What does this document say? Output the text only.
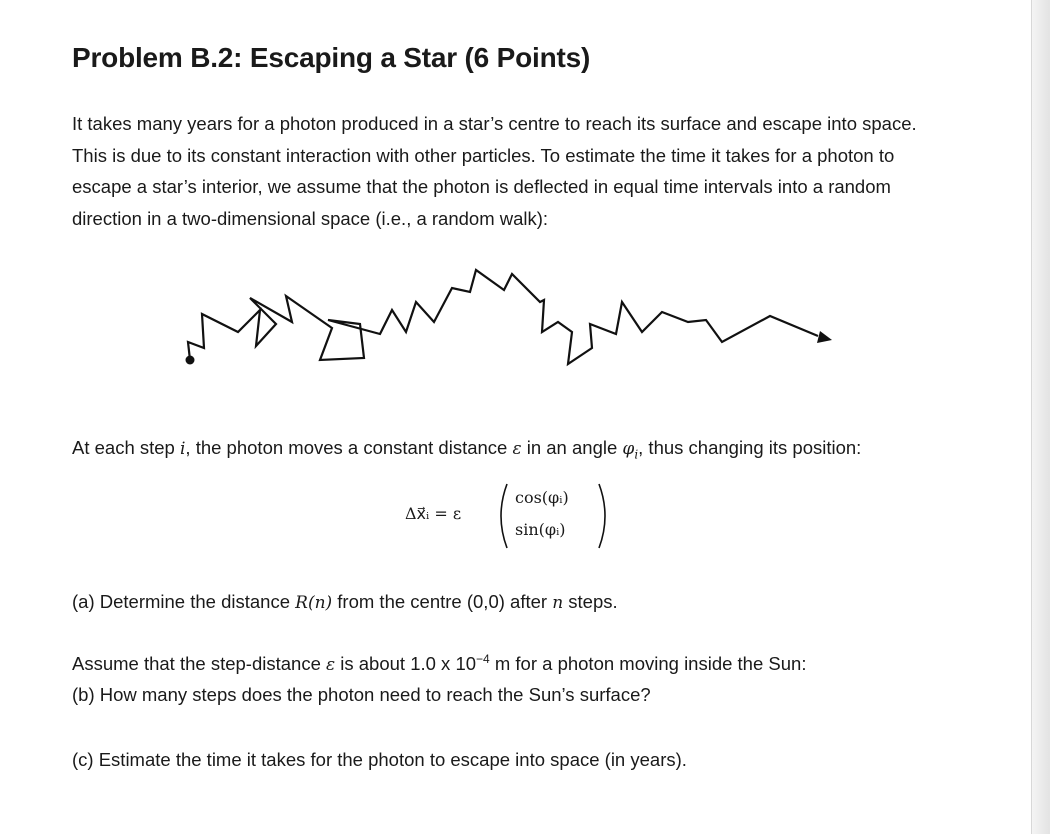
Problem B.2: Escaping a Star (6 Points)

It takes many years for a photon produced in a star’s centre to reach its surface and escape into space. This is due to its constant interaction with other particles. To estimate the time it takes for a photon to escape a star’s interior, we assume that the photon is deflected in equal time intervals into a random direction in a two-dimensional space (i.e., a random walk):

At each step i, the photon moves a constant distance ε in an angle $\varphi_i$, thus changing its position:

Δx⃗ᵢ = ε
cos(φᵢ)
sin(φᵢ)

(a) Determine the distance R(n) from the centre (0,0) after n steps.

Assume that the step-distance ε is about 1.0 x $10^{-4}$ m for a photon moving inside the Sun:

(b) How many steps does the photon need to reach the Sun’s surface?

(c) Estimate the time it takes for the photon to escape into space (in years).
